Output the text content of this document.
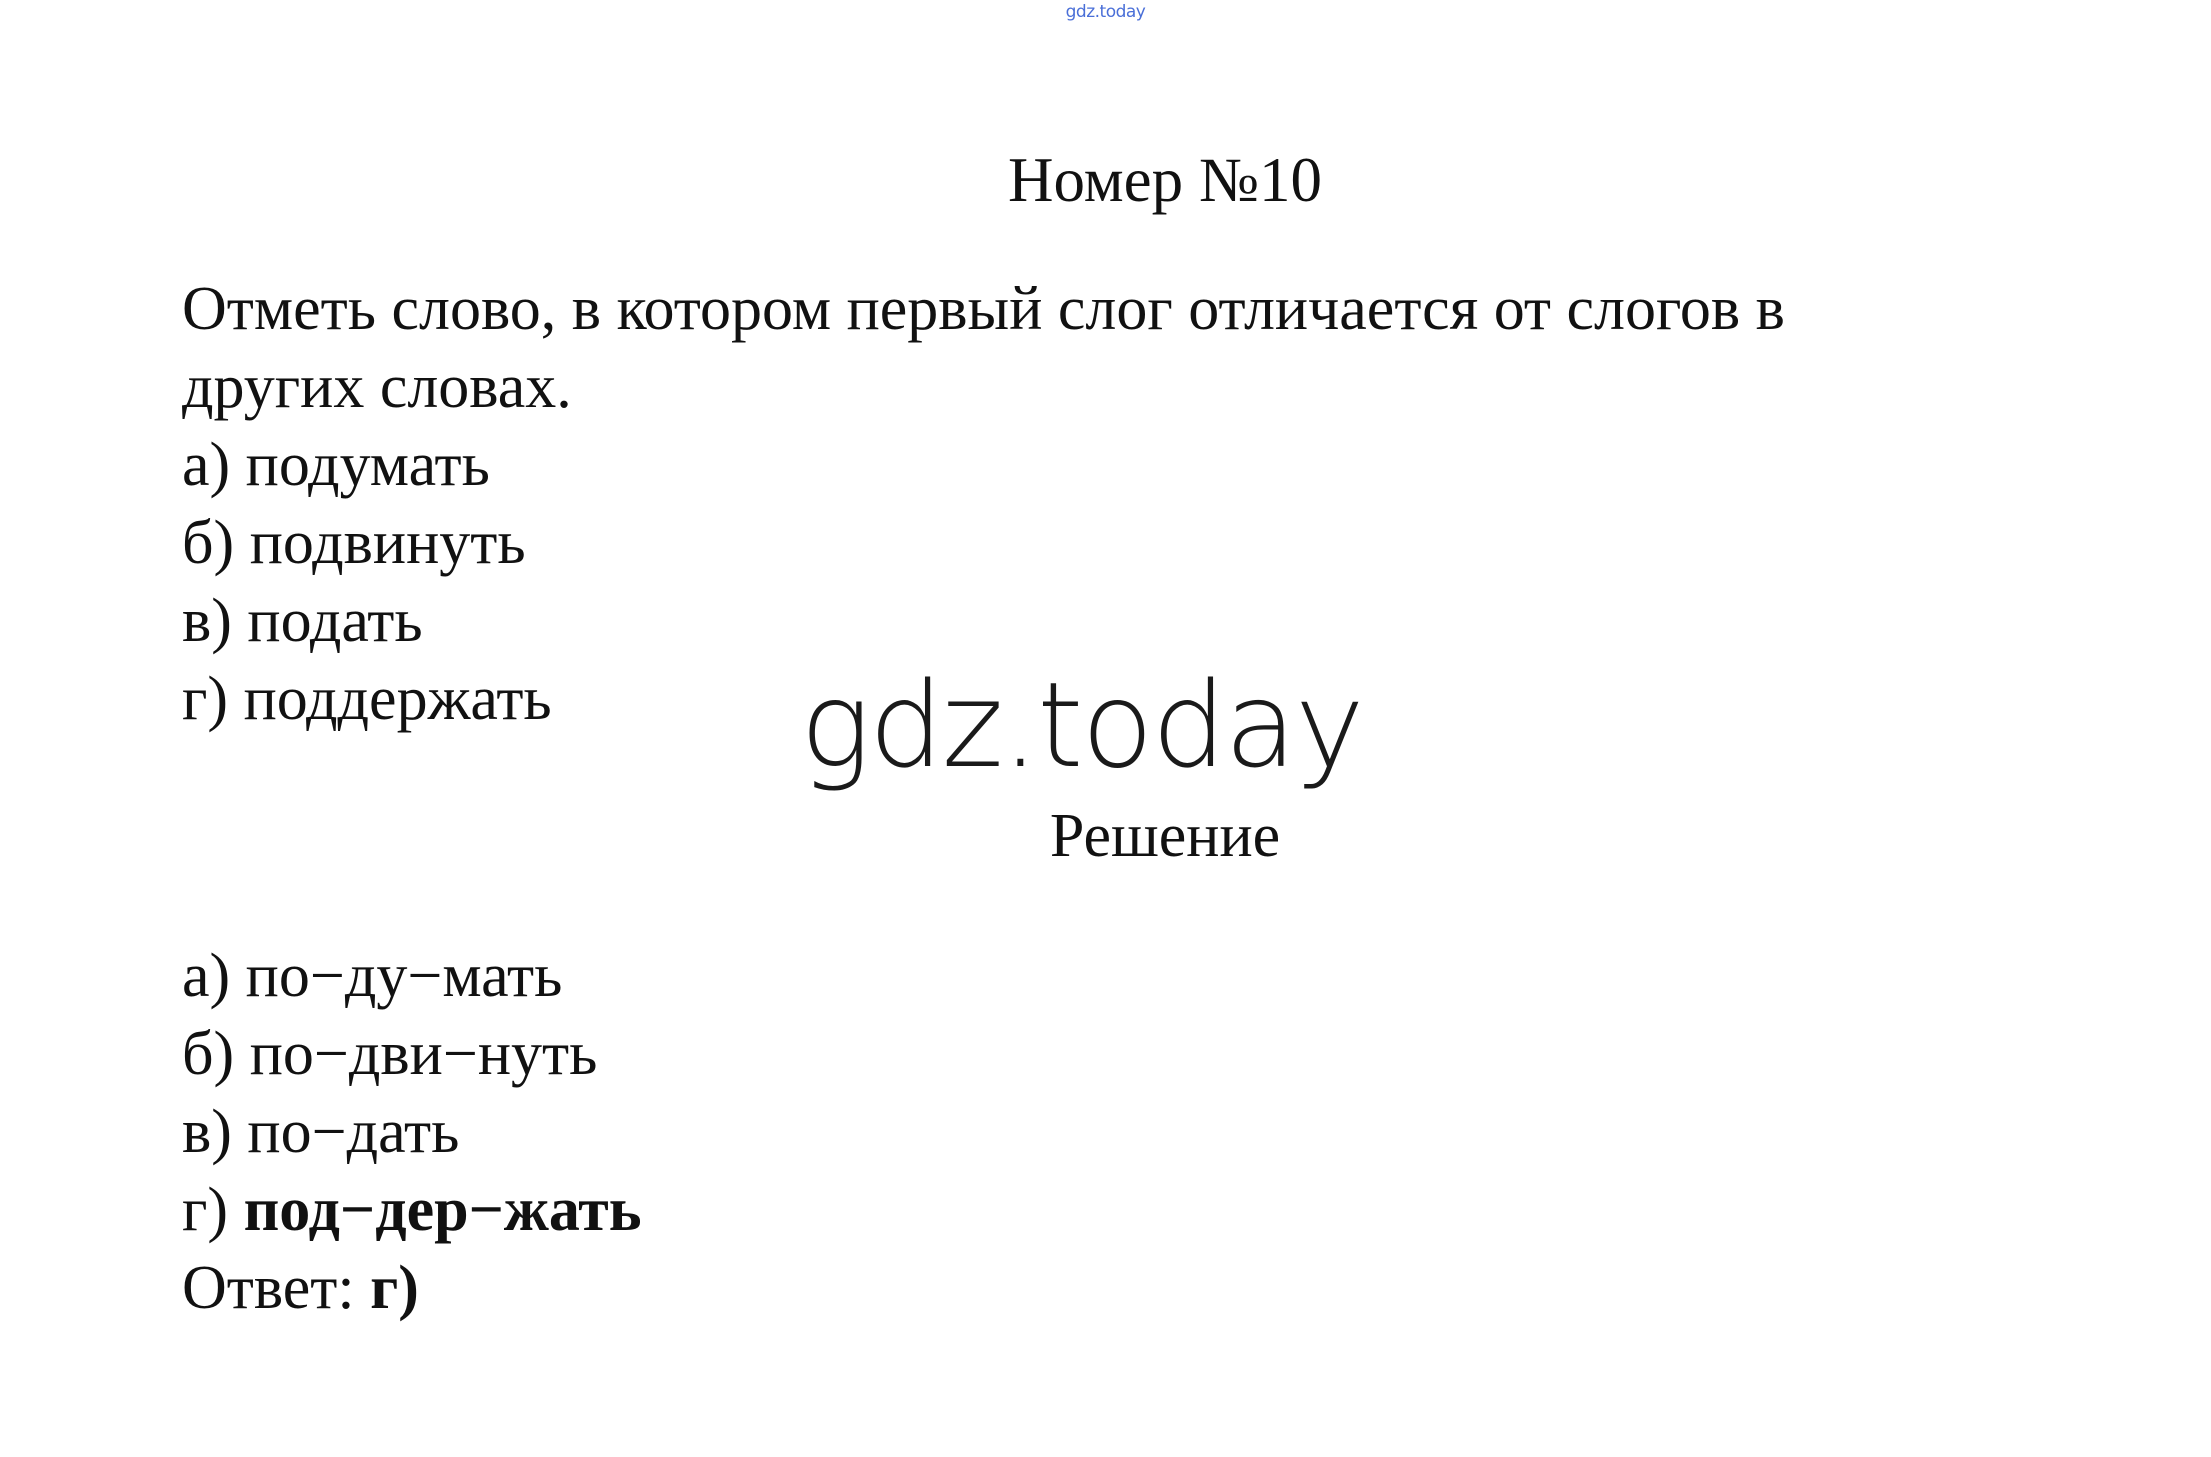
gdz.today
Номер №10
Отметь слово, в котором первый слог отличается от слогов в
других словах.
а) подумать
б) подвинуть
в) подать
г) поддержать	gdz.today
Решение
а) по−ду−мать
б) по−дви−нуть
в) по−дать
г) под−дер−жать
Ответ: г)
